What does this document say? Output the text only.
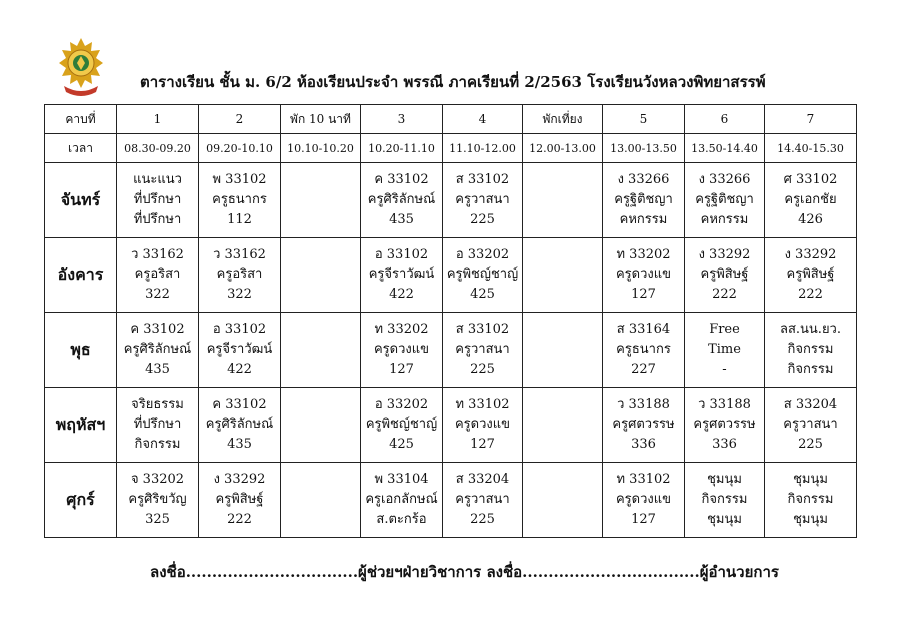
ตารางเรียน ชั้น ม. 6/2 ห้องเรียนประจำ พรรณี ภาคเรียนที่ 2/2563 โรงเรียนวังหลวงพิทยาสรรพ์
คาบที่	1	2	พัก 10 นาที	3	4	พักเที่ยง	5	6	7
เวลา	08.30-09.20	09.20-10.10	10.10-10.20	10.20-11.10	11.10-12.00	12.00-13.00	13.00-13.50	13.50-14.40	14.40-15.30
จันทร์	แนะแนว
ที่ปรึกษา
ที่ปรึกษา	พ 33102
ครูธนากร
112		ค 33102
ครูศิริลักษณ์
435	ส 33102
ครูวาสนา
225		ง 33266
ครูฐิติชญา
คหกรรม	ง 33266
ครูฐิติชญา
คหกรรม	ศ 33102
ครูเอกชัย
426

อังคาร	ว 33162
ครูอริสา
322	ว 33162
ครูอริสา
322		อ 33102
ครูจีราวัฒน์
422	อ 33202
ครูพิชญ์ชาญ์
425		ท 33202
ครูดวงแข
127	ง 33292
ครูพิสิษฐ์
222	ง 33292
ครูพิสิษฐ์
222

พุธ	ค 33102
ครูศิริลักษณ์
435	อ 33102
ครูจีราวัฒน์
422		ท 33202
ครูดวงแข
127	ส 33102
ครูวาสนา
225		ส 33164
ครูธนากร
227	Free
Time
-	ลส.นน.ยว.
กิจกรรม
กิจกรรม

พฤหัสฯ	จริยธรรม
ที่ปรึกษา
กิจกรรม	ค 33102
ครูศิริลักษณ์
435		อ 33202
ครูพิชญ์ชาญ์
425	ท 33102
ครูดวงแข
127		ว 33188
ครูศตวรรษ
336	ว 33188
ครูศตวรรษ
336	ส 33204
ครูวาสนา
225

ศุกร์	จ 33202
ครูศิริขวัญ
325	ง 33292
ครูพิสิษฐ์
222		พ 33104
ครูเอกลักษณ์
ส.ตะกร้อ	ส 33204
ครูวาสนา
225		ท 33102
ครูดวงแข
127	ชุมนุม
กิจกรรม
ชุมนุม	ชุมนุม
กิจกรรม
ชุมนุม
ลงชื่อ.................................ผู้ช่วยฯฝ่ายวิชาการ ลงชื่อ..................................ผู้อำนวยการ
